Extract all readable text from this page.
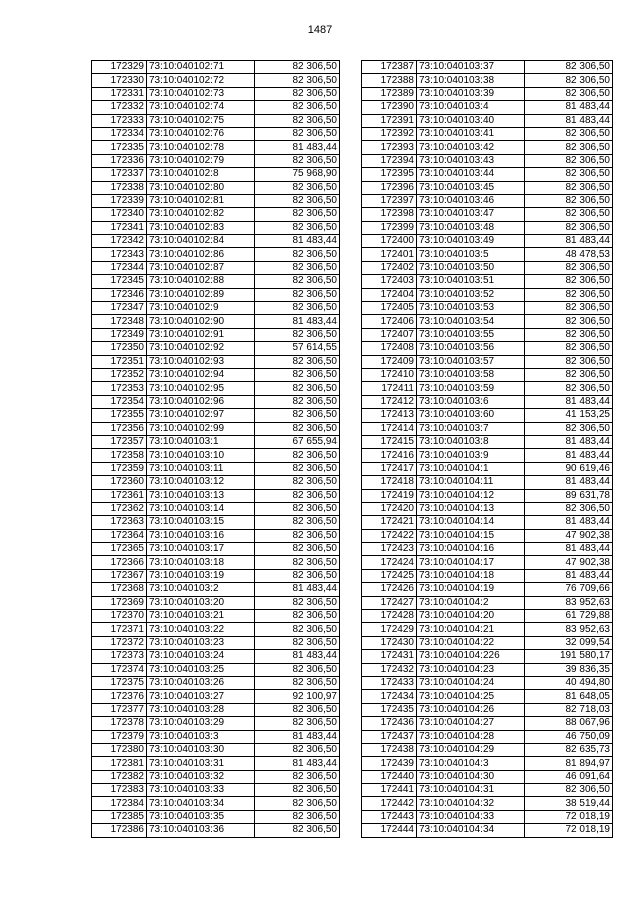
1487
172329	73:10:040102:71	82 306,50
172330	73:10:040102:72	82 306,50
172331	73:10:040102:73	82 306,50
172332	73:10:040102:74	82 306,50
172333	73:10:040102:75	82 306,50
172334	73:10:040102:76	82 306,50
172335	73:10:040102:78	81 483,44
172336	73:10:040102:79	82 306,50
172337	73:10:040102:8	75 968,90
172338	73:10:040102:80	82 306,50
172339	73:10:040102:81	82 306,50
172340	73:10:040102:82	82 306,50
172341	73:10:040102:83	82 306,50
172342	73:10:040102:84	81 483,44
172343	73:10:040102:86	82 306,50
172344	73:10:040102:87	82 306,50
172345	73:10:040102:88	82 306,50
172346	73:10:040102:89	82 306,50
172347	73:10:040102:9	82 306,50
172348	73:10:040102:90	81 483,44
172349	73:10:040102:91	82 306,50
172350	73:10:040102:92	57 614,55
172351	73:10:040102:93	82 306,50
172352	73:10:040102:94	82 306,50
172353	73:10:040102:95	82 306,50
172354	73:10:040102:96	82 306,50
172355	73:10:040102:97	82 306,50
172356	73:10:040102:99	82 306,50
172357	73:10:040103:1	67 655,94
172358	73:10:040103:10	82 306,50
172359	73:10:040103:11	82 306,50
172360	73:10:040103:12	82 306,50
172361	73:10:040103:13	82 306,50
172362	73:10:040103:14	82 306,50
172363	73:10:040103:15	82 306,50
172364	73:10:040103:16	82 306,50
172365	73:10:040103:17	82 306,50
172366	73:10:040103:18	82 306,50
172367	73:10:040103:19	82 306,50
172368	73:10:040103:2	81 483,44
172369	73:10:040103:20	82 306,50
172370	73:10:040103:21	82 306,50
172371	73:10:040103:22	82 306,50
172372	73:10:040103:23	82 306,50
172373	73:10:040103:24	81 483,44
172374	73:10:040103:25	82 306,50
172375	73:10:040103:26	82 306,50
172376	73:10:040103:27	92 100,97
172377	73:10:040103:28	82 306,50
172378	73:10:040103:29	82 306,50
172379	73:10:040103:3	81 483,44
172380	73:10:040103:30	82 306,50
172381	73:10:040103:31	81 483,44
172382	73:10:040103:32	82 306,50
172383	73:10:040103:33	82 306,50
172384	73:10:040103:34	82 306,50
172385	73:10:040103:35	82 306,50
172386	73:10:040103:36	82 306,50
172387	73:10:040103:37	82 306,50
172388	73:10:040103:38	82 306,50
172389	73:10:040103:39	82 306,50
172390	73:10:040103:4	81 483,44
172391	73:10:040103:40	81 483,44
172392	73:10:040103:41	82 306,50
172393	73:10:040103:42	82 306,50
172394	73:10:040103:43	82 306,50
172395	73:10:040103:44	82 306,50
172396	73:10:040103:45	82 306,50
172397	73:10:040103:46	82 306,50
172398	73:10:040103:47	82 306,50
172399	73:10:040103:48	82 306,50
172400	73:10:040103:49	81 483,44
172401	73:10:040103:5	48 478,53
172402	73:10:040103:50	82 306,50
172403	73:10:040103:51	82 306,50
172404	73:10:040103:52	82 306,50
172405	73:10:040103:53	82 306,50
172406	73:10:040103:54	82 306,50
172407	73:10:040103:55	82 306,50
172408	73:10:040103:56	82 306,50
172409	73:10:040103:57	82 306,50
172410	73:10:040103:58	82 306,50
172411	73:10:040103:59	82 306,50
172412	73:10:040103:6	81 483,44
172413	73:10:040103:60	41 153,25
172414	73:10:040103:7	82 306,50
172415	73:10:040103:8	81 483,44
172416	73:10:040103:9	81 483,44
172417	73:10:040104:1	90 619,46
172418	73:10:040104:11	81 483,44
172419	73:10:040104:12	89 631,78
172420	73:10:040104:13	82 306,50
172421	73:10:040104:14	81 483,44
172422	73:10:040104:15	47 902,38
172423	73:10:040104:16	81 483,44
172424	73:10:040104:17	47 902,38
172425	73:10:040104:18	81 483,44
172426	73:10:040104:19	76 709,66
172427	73:10:040104:2	83 952,63
172428	73:10:040104:20	61 729,88
172429	73:10:040104:21	83 952,63
172430	73:10:040104:22	32 099,54
172431	73:10:040104:226	191 580,17
172432	73:10:040104:23	39 836,35
172433	73:10:040104:24	40 494,80
172434	73:10:040104:25	81 648,05
172435	73:10:040104:26	82 718,03
172436	73:10:040104:27	88 067,96
172437	73:10:040104:28	46 750,09
172438	73:10:040104:29	82 635,73
172439	73:10:040104:3	81 894,97
172440	73:10:040104:30	46 091,64
172441	73:10:040104:31	82 306,50
172442	73:10:040104:32	38 519,44
172443	73:10:040104:33	72 018,19
172444	73:10:040104:34	72 018,19
